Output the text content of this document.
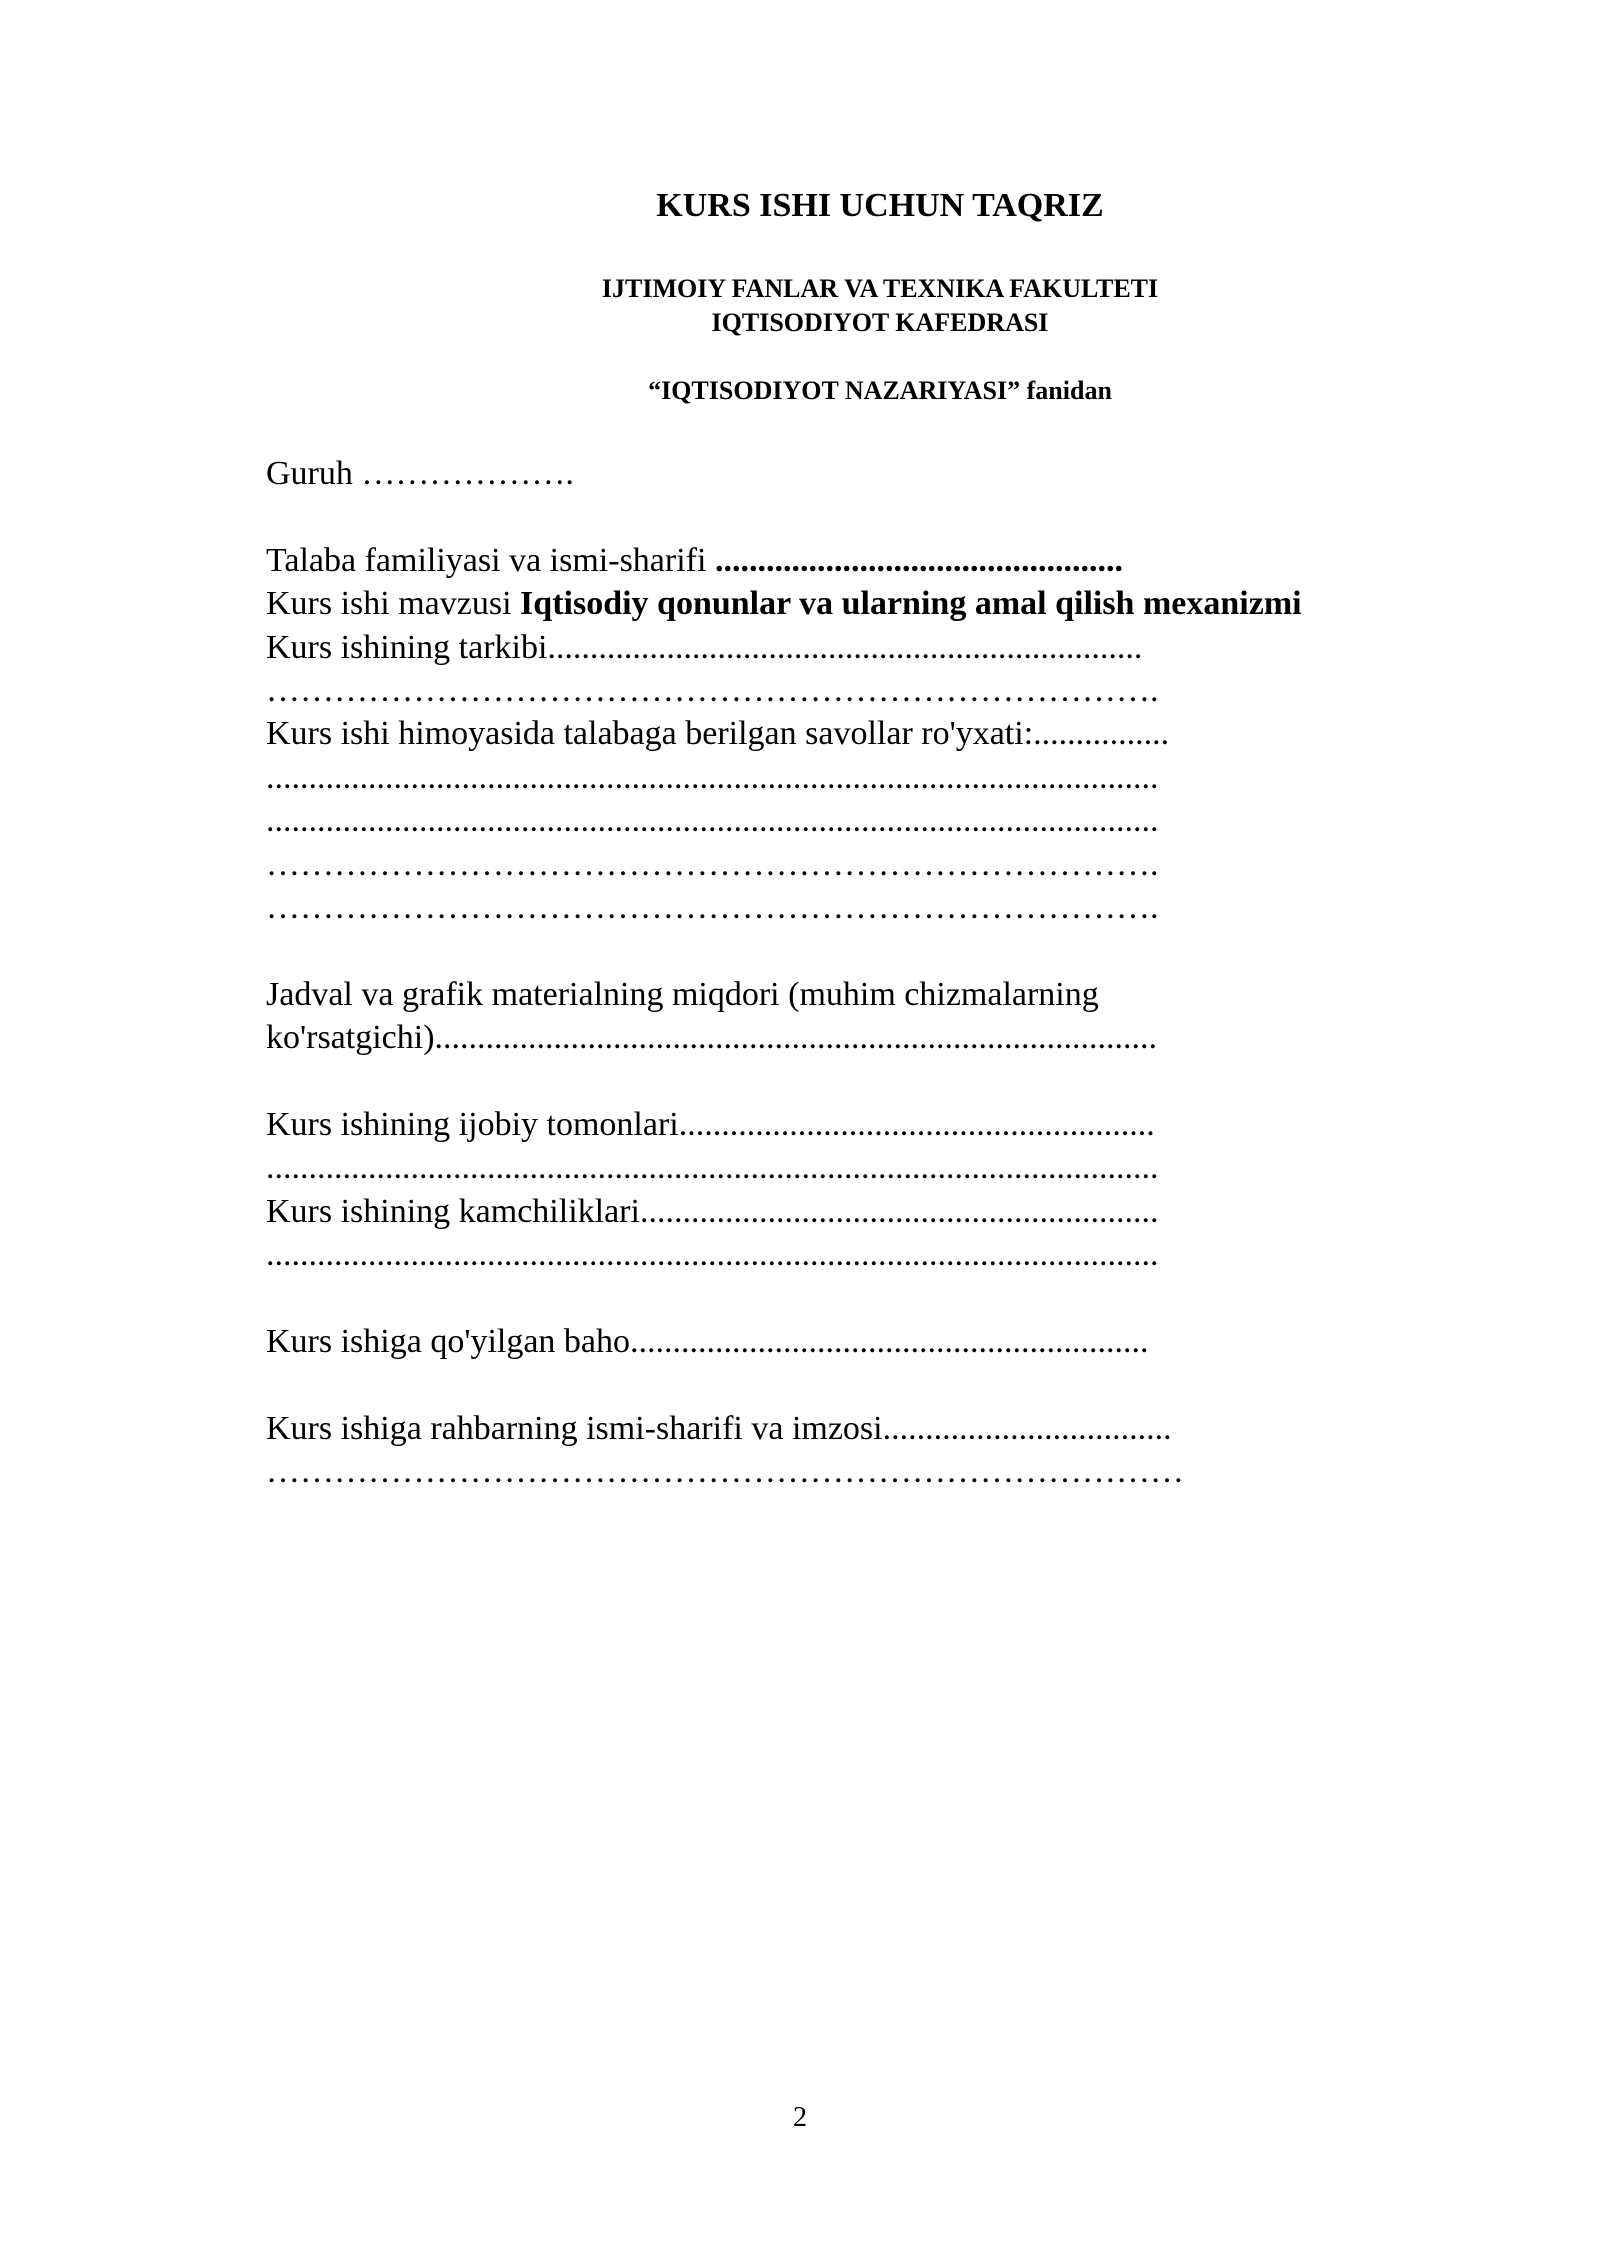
KURS ISHI UCHUN TAQRIZ
IJTIMOIY FANLAR VA TEXNIKA FAKULTETI
IQTISODIYOT KAFEDRASI
“IQTISODIYOT NAZARIYASI” fanidan
Guruh ……………….
Talaba familiyasi va ismi-sharifi ................................................
Kurs ishi mavzusi Iqtisodiy qonunlar va ularning amal qilish mexanizmi
Kurs ishining tarkibi......................................................................
…………………………………………………………………….
Kurs ishi himoyasida talabaga berilgan savollar ro'yxati:................
.........................................................................................................
.........................................................................................................
…………………………………………………………………….
…………………………………………………………………….
Jadval va grafik materialning miqdori (muhim chizmalarning
ko'rsatgichi).....................................................................................
Kurs ishining ijobiy tomonlari........................................................
.........................................................................................................
Kurs ishining kamchiliklari.............................................................
.........................................................................................................
Kurs ishiga qo'yilgan baho.............................................................
Kurs ishiga rahbarning ismi-sharifi va imzosi..................................
………………………………………………………………………
2
